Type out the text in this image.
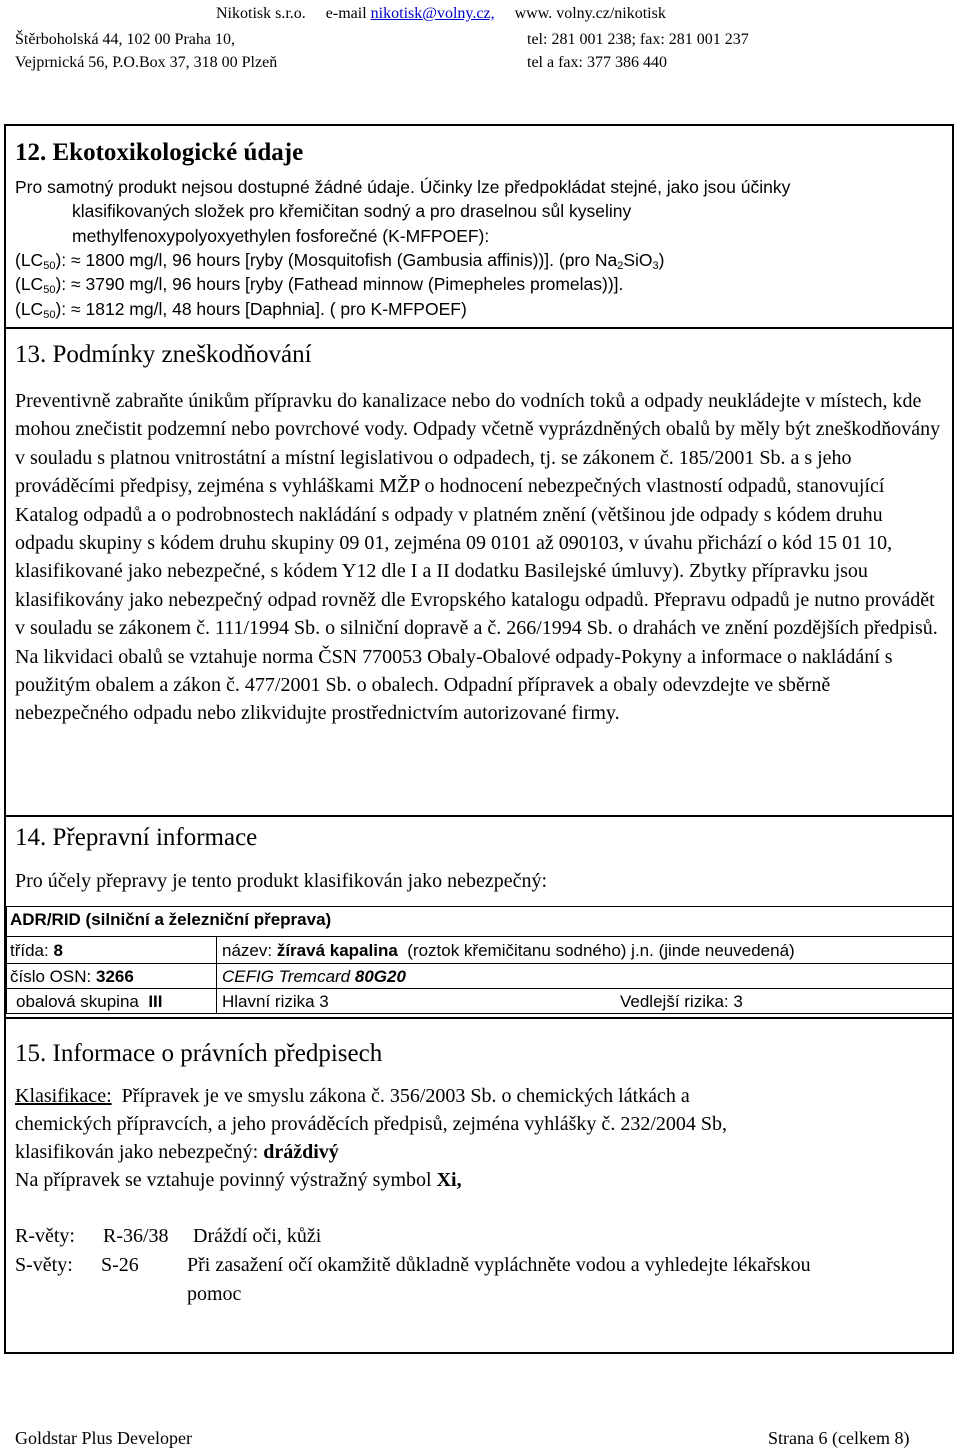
Nikotisk s.r.o. e-mail nikotisk@volny.cz, www. volny.cz/nikotisk
Štěrboholská 44, 102 00 Praha 10,	tel: 281 001 238; fax: 281 001 237
Vejprnická 56, P.O.Box 37, 318 00 Plzeň	tel a fax: 377 386 440
12. Ekotoxikologické údaje
Pro samotný produkt nejsou dostupné žádné údaje. Účinky lze předpokládat stejné, jako jsou účinky
klasifikovaných složek pro křemičitan sodný a pro draselnou sůl kyseliny
methylfenoxypolyoxyethylen fosforečné (K-MFPOEF):
$(LC_{50})$: ≈ 1800 mg/l, 96 hours [ryby (Mosquitofish (Gambusia affinis))]. (pro $Na_2SiO_3$)
$(LC_{50})$: ≈ 3790 mg/l, 96 hours [ryby (Fathead minnow (Pimepheles promelas))].
$(LC_{50})$: ≈ 1812 mg/l, 48 hours [Daphnia]. ( pro K-MFPOEF)
13. Podmínky zneškodňování

Preventivně zabraňte únikům přípravku do kanalizace nebo do vodních toků a odpady neukládejte v místech, kde mohou znečistit podzemní nebo povrchové vody. Odpady včetně vyprázdněných obalů by měly být zneškodňovány v souladu s platnou vnitrostátní a místní legislativou o odpadech, tj. se zákonem č. 185/2001 Sb. a s jeho prováděcími předpisy, zejména s vyhláškami MŽP o hodnocení nebezpečných vlastností odpadů, stanovující Katalog odpadů a o podrobnostech nakládání s odpady v platném znění (většinou jde odpady s kódem druhu odpadu skupiny s kódem druhu skupiny 09 01, zejména 09 0101 až 090103, v úvahu přichází o kód 15 01 10, klasifikované jako nebezpečné, s kódem Y12 dle I a II dodatku Basilejské úmluvy). Zbytky přípravku jsou klasifikovány jako nebezpečný odpad rovněž dle Evropského katalogu odpadů. Přepravu odpadů je nutno provádět v souladu se zákonem č. 111/1994 Sb. o silniční dopravě a č. 266/1994 Sb. o drahách ve znění pozdějších předpisů.

Na likvidaci obalů se vztahuje norma ČSN 770053 Obaly-Obalové odpady-Pokyny a informace o nakládání s použitým obalem a zákon č. 477/2001 Sb. o obalech. Odpadní přípravek a obaly odevzdejte ve sběrně nebezpečného odpadu nebo zlikvidujte prostřednictvím autorizované firmy.

14. Přepravní informace
Pro účely přepravy je tento produkt klasifikován jako nebezpečný:
ADR/RID (silniční a železniční přeprava)
třída: 8	název: žíravá kapalina (roztok křemičitanu sodného) j.n. (jinde neuvedená)
číslo OSN: 3266	CEFIG Tremcard 80G20
obalová skupina III	Hlavní rizika 3	Vedlejší rizika: 3
15. Informace o právních předpisech
Klasifikace: Přípravek je ve smyslu zákona č. 356/2003 Sb. o chemických látkách a
chemických přípravcích, a jeho prováděcích předpisů, zejména vyhlášky č. 232/2004 Sb,
klasifikován jako nebezpečný: dráždivý
Na přípravek se vztahuje povinný výstražný symbol Xi,
R-věty: R-36/38 Dráždí oči, kůži
S-věty: S-26 Při zasažení očí okamžitě důkladně vypláchněte vodou a vyhledejte lékařskou
pomoc
Goldstar Plus Developer	Strana 6 (celkem 8)
